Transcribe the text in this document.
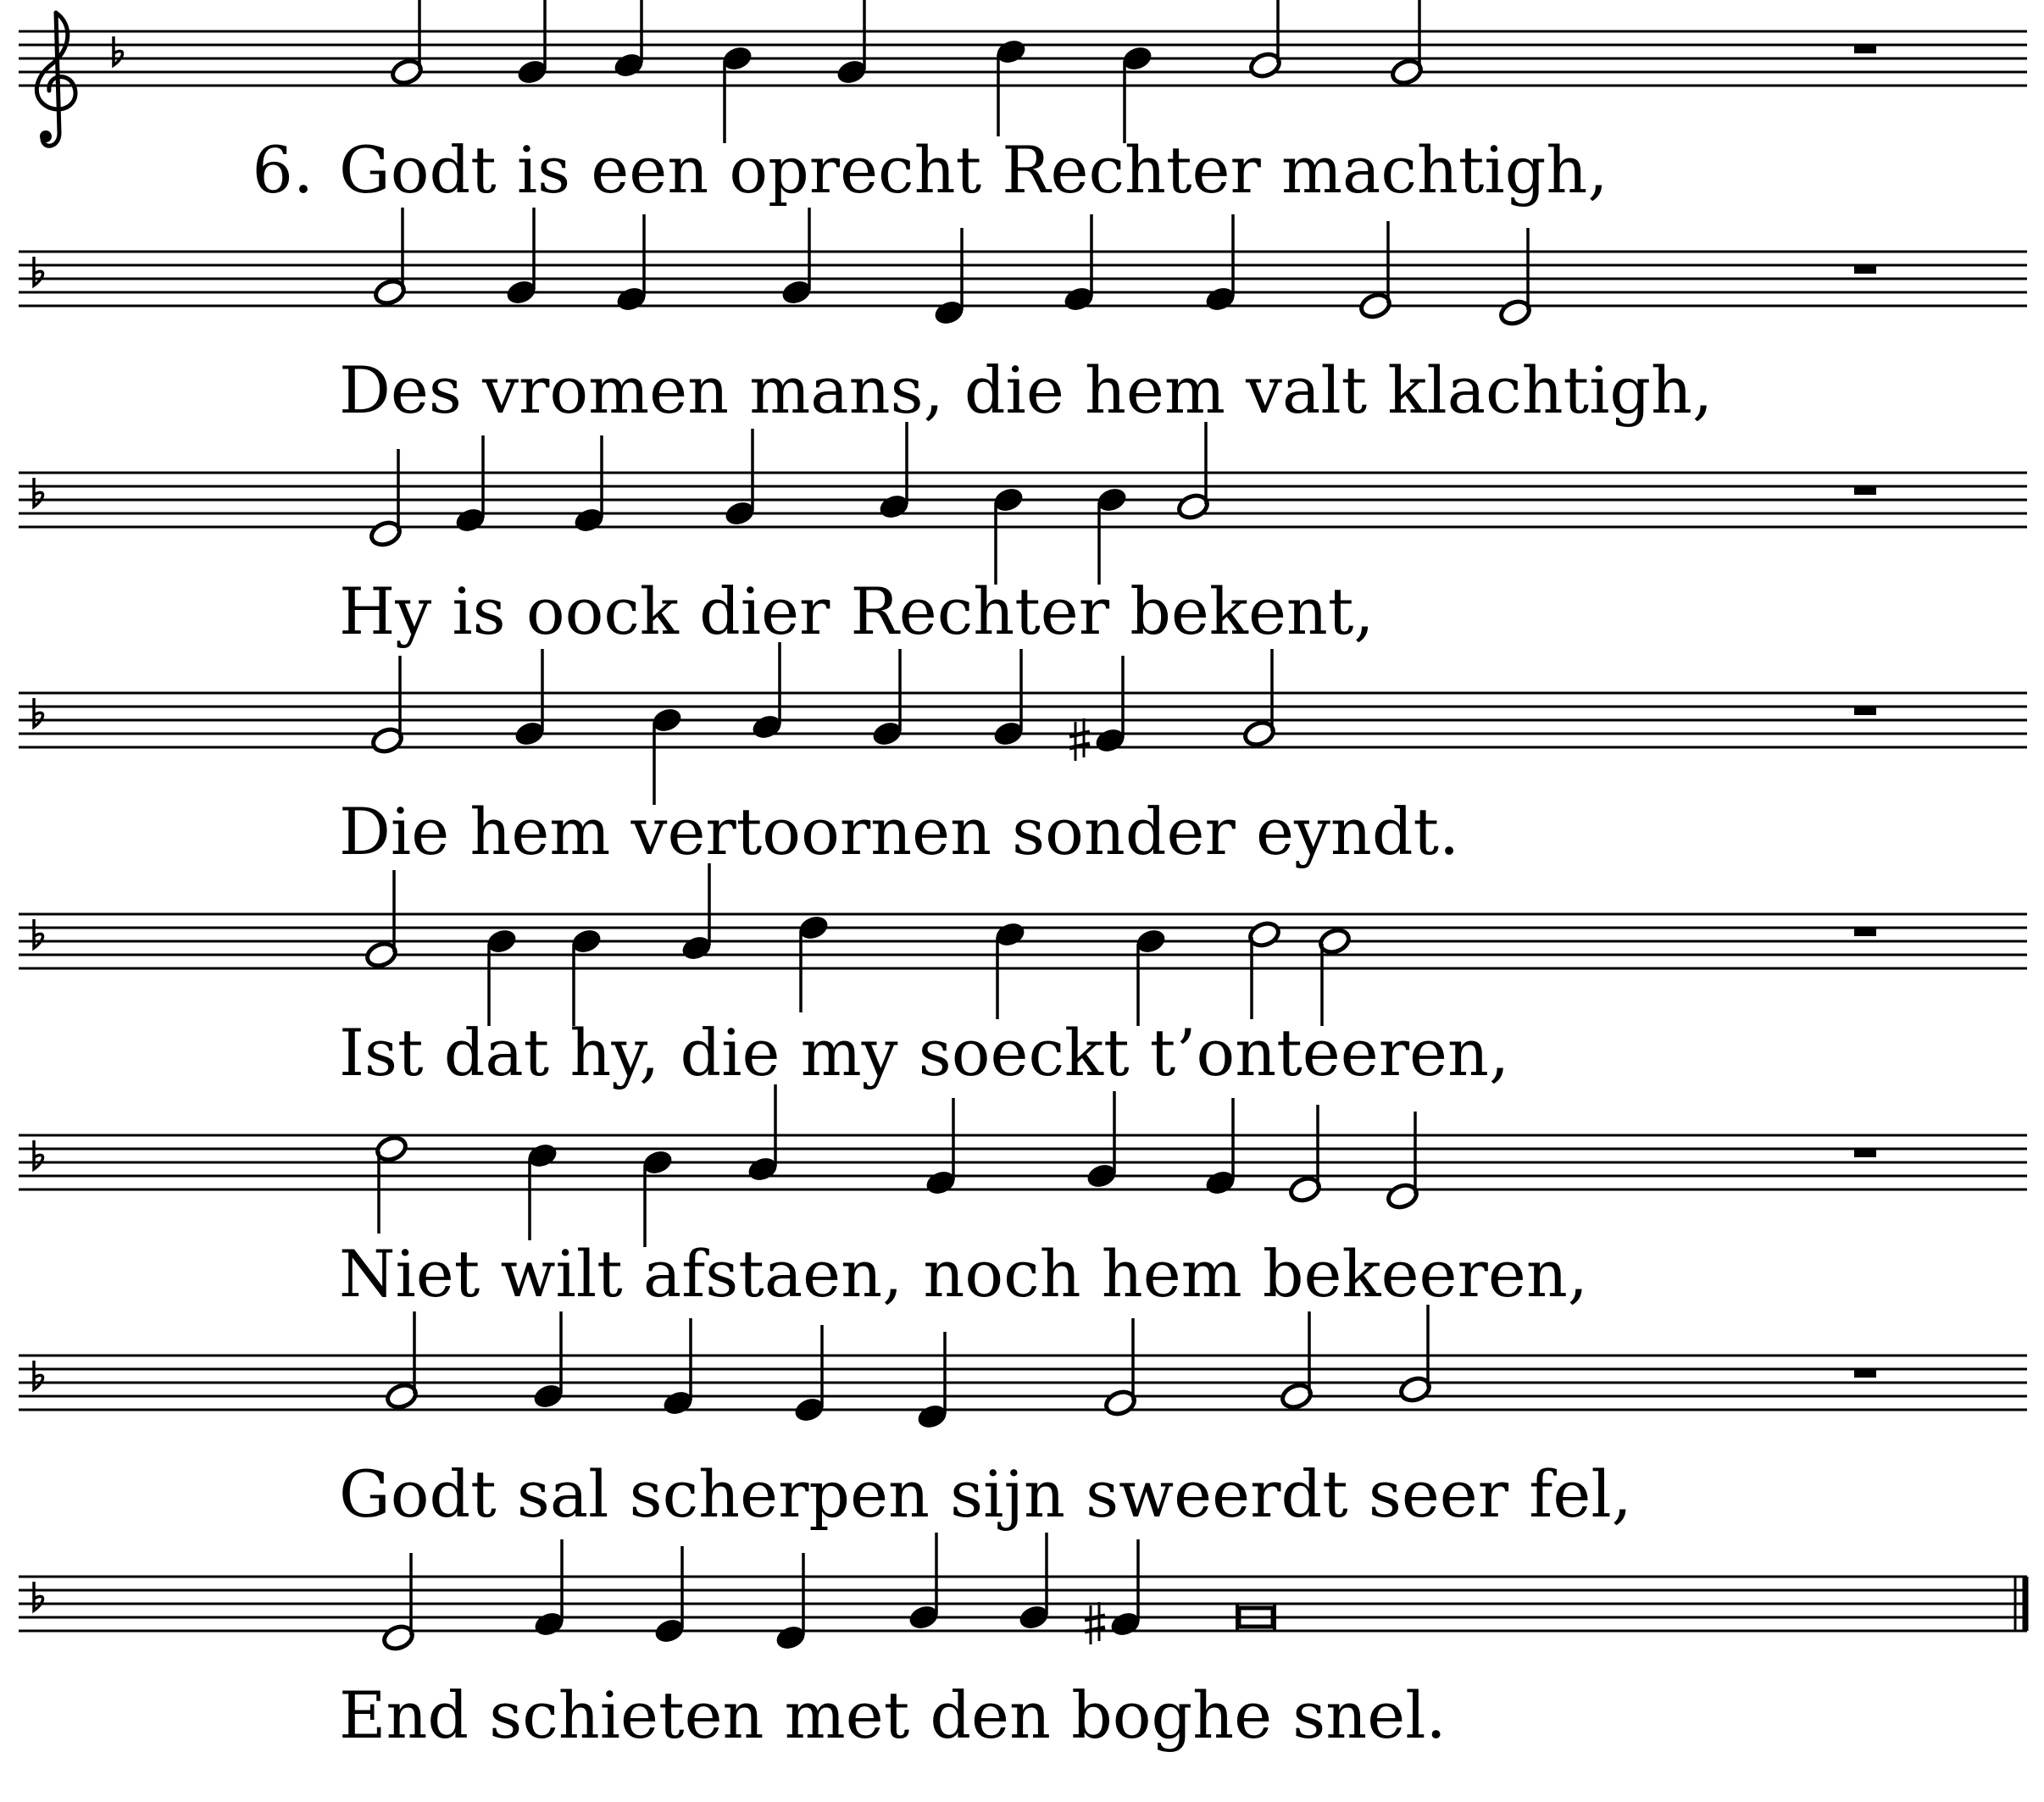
6. Godt is een oprecht Rechter machtigh,
Des vromen mans, die hem valt klachtigh,
Hy is oock dier Rechter bekent,
Die hem vertoornen sonder eyndt.
Ist dat hy, die my soeckt t’onteeren,
Niet wilt afstaen, noch hem bekeeren,
Godt sal scherpen sijn sweerdt seer fel,
End schieten met den boghe snel.
